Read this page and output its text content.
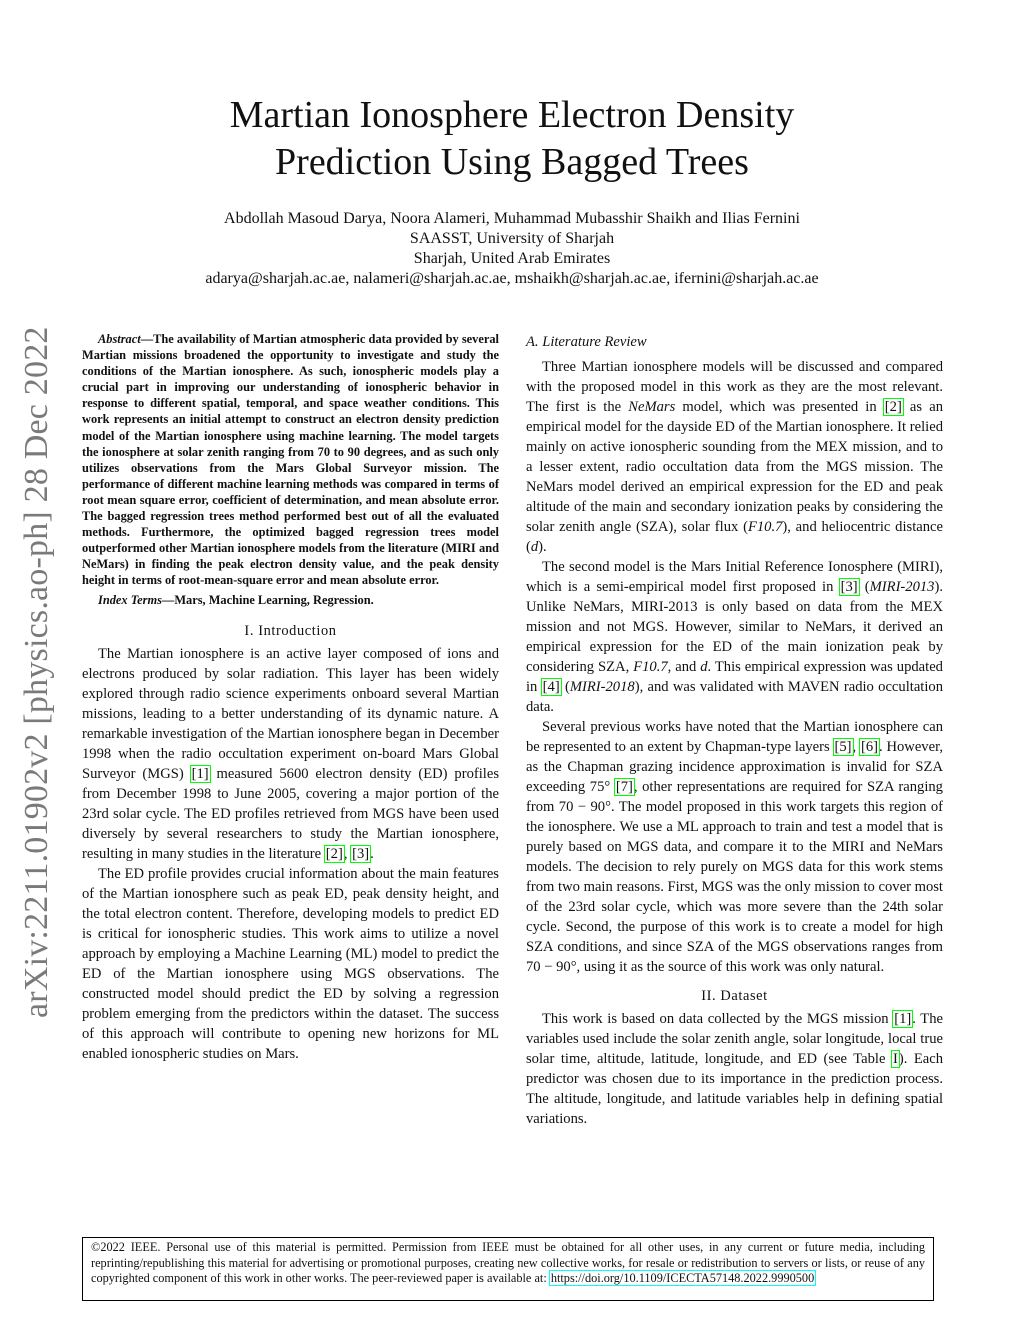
arXiv:2211.01902v2 [physics.ao-ph] 28 Dec 2022
Martian Ionosphere Electron Density
Prediction Using Bagged Trees
Abdollah Masoud Darya, Noora Alameri, Muhammad Mubasshir Shaikh and Ilias Fernini
SAASST, University of Sharjah
Sharjah, United Arab Emirates
adarya@sharjah.ac.ae, nalameri@sharjah.ac.ae, mshaikh@sharjah.ac.ae, ifernini@sharjah.ac.ae

Abstract—The availability of Martian atmospheric data provided by several Martian missions broadened the opportunity to investigate and study the conditions of the Martian ionosphere. As such, ionospheric models play a crucial part in improving our understanding of ionospheric behavior in response to different spatial, temporal, and space weather conditions. This work represents an initial attempt to construct an electron density prediction model of the Martian ionosphere using machine learning. The model targets the ionosphere at solar zenith ranging from 70 to 90 degrees, and as such only utilizes observations from the Mars Global Surveyor mission. The performance of different machine learning methods was compared in terms of root mean square error, coefficient of determination, and mean absolute error. The bagged regression trees method performed best out of all the evaluated methods. Furthermore, the optimized bagged regression trees model outperformed other Martian ionosphere models from the literature (MIRI and NeMars) in finding the peak electron density value, and the peak density height in terms of root-mean-square error and mean absolute error.

Index Terms—Mars, Machine Learning, Regression.

I. Introduction

The Martian ionosphere is an active layer composed of ions and electrons produced by solar radiation. This layer has been widely explored through radio science experiments onboard several Martian missions, leading to a better understanding of its dynamic nature. A remarkable investigation of the Martian ionosphere began in December 1998 when the radio occultation experiment on-board Mars Global Surveyor (MGS) [1] measured 5600 electron density (ED) profiles from December 1998 to June 2005, covering a major portion of the 23rd solar cycle. The ED profiles retrieved from MGS have been used diversely by several researchers to study the Martian ionosphere, resulting in many studies in the literature [2], [3].

The ED profile provides crucial information about the main features of the Martian ionosphere such as peak ED, peak density height, and the total electron content. Therefore, developing models to predict ED is critical for ionospheric studies. This work aims to utilize a novel approach by employing a Machine Learning (ML) model to predict the ED of the Martian ionosphere using MGS observations. The constructed model should predict the ED by solving a regression problem emerging from the predictors within the dataset. The success of this approach will contribute to opening new horizons for ML enabled ionospheric studies on Mars.

A. Literature Review

Three Martian ionosphere models will be discussed and compared with the proposed model in this work as they are the most relevant. The first is the NeMars model, which was presented in [2] as an empirical model for the dayside ED of the Martian ionosphere. It relied mainly on active ionospheric sounding from the MEX mission, and to a lesser extent, radio occultation data from the MGS mission. The NeMars model derived an empirical expression for the ED and peak altitude of the main and secondary ionization peaks by considering the solar zenith angle (SZA), solar flux (F10.7), and heliocentric distance (d).

The second model is the Mars Initial Reference Ionosphere (MIRI), which is a semi-empirical model first proposed in [3] (MIRI-2013). Unlike NeMars, MIRI-2013 is only based on data from the MEX mission and not MGS. However, similar to NeMars, it derived an empirical expression for the ED of the main ionization peak by considering SZA, F10.7, and d. This empirical expression was updated in [4] (MIRI-2018), and was validated with MAVEN radio occultation data.

Several previous works have noted that the Martian ionosphere can be represented to an extent by Chapman-type layers [5], [6]. However, as the Chapman grazing incidence approximation is invalid for SZA exceeding 75° [7], other representations are required for SZA ranging from 70 − 90°. The model proposed in this work targets this region of the ionosphere. We use a ML approach to train and test a model that is purely based on MGS data, and compare it to the MIRI and NeMars models. The decision to rely purely on MGS data for this work stems from two main reasons. First, MGS was the only mission to cover most of the 23rd solar cycle, which was more severe than the 24th solar cycle. Second, the purpose of this work is to create a model for high SZA conditions, and since SZA of the MGS observations ranges from 70 − 90°, using it as the source of this work was only natural.

II. Dataset

This work is based on data collected by the MGS mission [1]. The variables used include the solar zenith angle, solar longitude, local true solar time, altitude, latitude, longitude, and ED (see Table I). Each predictor was chosen due to its importance in the prediction process. The altitude, longitude, and latitude variables help in defining spatial variations.

©2022 IEEE. Personal use of this material is permitted. Permission from IEEE must be obtained for all other uses, in any current or future media, including reprinting/republishing this material for advertising or promotional purposes, creating new collective works, for resale or redistribution to servers or lists, or reuse of any copyrighted component of this work in other works. The peer-reviewed paper is available at: https://doi.org/10.1109/ICECTA57148.2022.9990500
